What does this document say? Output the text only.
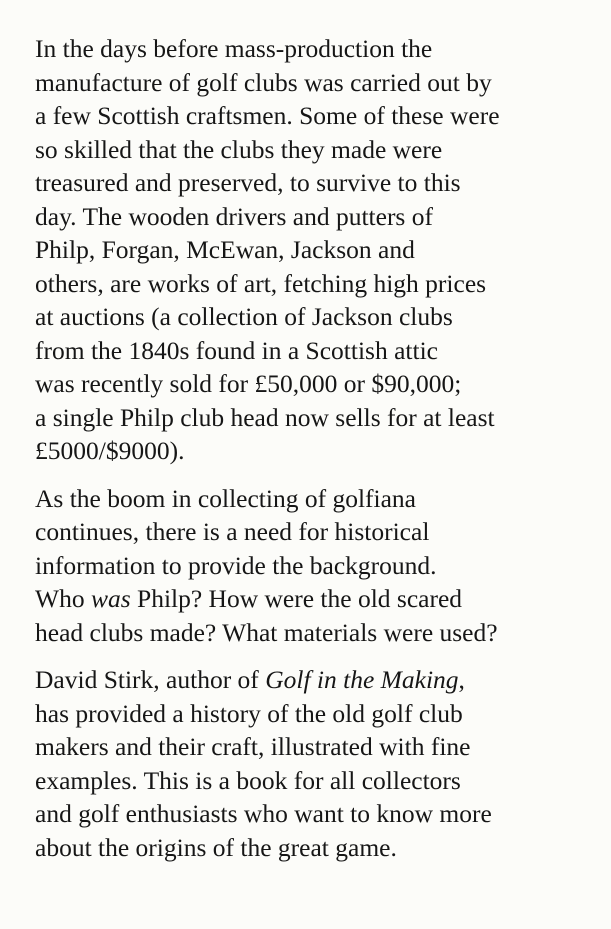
In the days before mass-production the
manufacture of golf clubs was carried out by
a few Scottish craftsmen. Some of these were
so skilled that the clubs they made were
treasured and preserved, to survive to this
day. The wooden drivers and putters of
Philp, Forgan, McEwan, Jackson and
others, are works of art, fetching high prices
at auctions (a collection of Jackson clubs
from the 1840s found in a Scottish attic
was recently sold for £50,000 or $90,000;
a single Philp club head now sells for at least
£5000/$9000).

As the boom in collecting of golfiana
continues, there is a need for historical
information to provide the background.
Who was Philp? How were the old scared
head clubs made? What materials were used?

David Stirk, author of Golf in the Making,
has provided a history of the old golf club
makers and their craft, illustrated with fine
examples. This is a book for all collectors
and golf enthusiasts who want to know more
about the origins of the great game.
